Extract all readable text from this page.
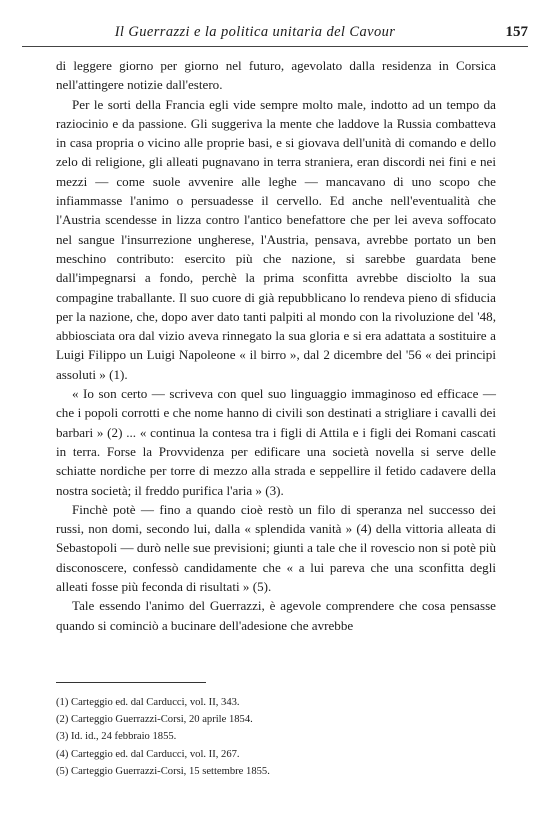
Il Guerrazzi e la politica unitaria del Cavour	157

di leggere giorno per giorno nel futuro, agevolato dalla residenza in Corsica nell'attingere notizie dall'estero.

Per le sorti della Francia egli vide sempre molto male, indotto ad un tempo da raziocinio e da passione. Gli suggeriva la mente che laddove la Russia combatteva in casa propria o vicino alle proprie basi, e si giovava dell'unità di comando e dello zelo di religione, gli alleati pugnavano in terra straniera, eran discordi nei fini e nei mezzi — come suole avvenire alle leghe — mancavano di uno scopo che infiammasse l'animo o persuadesse il cervello. Ed anche nell'eventualità che l'Austria scendesse in lizza contro l'antico benefattore che per lei aveva soffocato nel sangue l'insurrezione ungherese, l'Austria, pensava, avrebbe portato un ben meschino contributo: esercito più che nazione, si sarebbe guardata bene dall'impegnarsi a fondo, perchè la prima sconfitta avrebbe disciolto la sua compagine traballante. Il suo cuore di già repubblicano lo rendeva pieno di sfiducia per la nazione, che, dopo aver dato tanti palpiti al mondo con la rivoluzione del '48, abbiosciata ora dal vizio aveva rinnegato la sua gloria e si era adattata a sostituire a Luigi Filippo un Luigi Napoleone « il birro », dal 2 dicembre del '56 « dei principi assoluti » (1).

« Io son certo — scriveva con quel suo linguaggio immaginoso ed efficace — che i popoli corrotti e che nome hanno di civili son destinati a strigliare i cavalli dei barbari » (2) ... « continua la contesa tra i figli di Attila e i figli dei Romani cascati in terra. Forse la Provvidenza per edificare una società novella si serve delle schiatte nordiche per torre di mezzo alla strada e seppellire il fetido cadavere della nostra società; il freddo purifica l'aria » (3).

Finchè potè — fino a quando cioè restò un filo di speranza nel successo dei russi, non domi, secondo lui, dalla « splendida vanità » (4) della vittoria alleata di Sebastopoli — durò nelle sue previsioni; giunti a tale che il rovescio non si potè più disconoscere, confessò candidamente che « a lui pareva che una sconfitta degli alleati fosse più feconda di risultati » (5).

Tale essendo l'animo del Guerrazzi, è agevole comprendere che cosa pensasse quando si cominciò a bucinare dell'adesione che avrebbe

(1) Carteggio ed. dal Carducci, vol. II, 343.
(2) Carteggio Guerrazzi-Corsi, 20 aprile 1854.
(3) Id. id., 24 febbraio 1855.
(4) Carteggio ed. dal Carducci, vol. II, 267.
(5) Carteggio Guerrazzi-Corsi, 15 settembre 1855.
